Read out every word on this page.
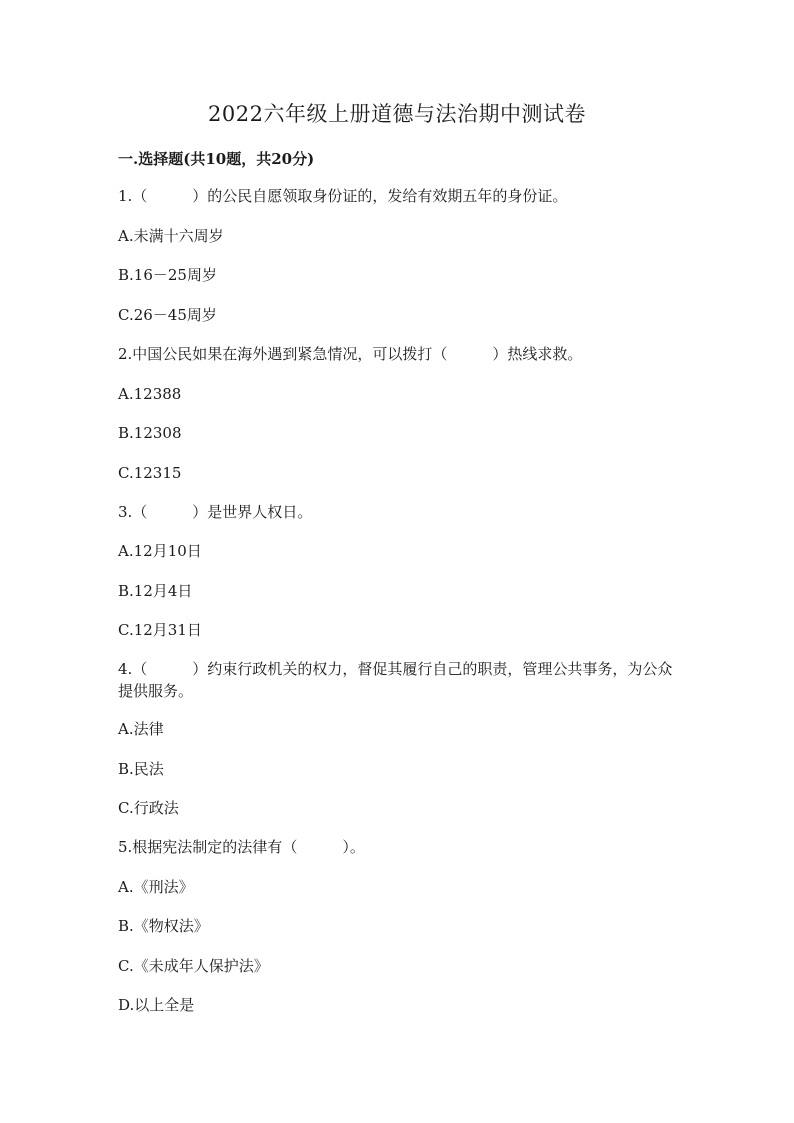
2022六年级上册道德与法治期中测试卷

一.选择题(共10题，共20分)

1.（　　　）的公民自愿领取身份证的，发给有效期五年的身份证。

A.未满十六周岁

B.16－25周岁

C.26－45周岁

2.中国公民如果在海外遇到紧急情况，可以拨打（　　　）热线求救。

A.12388

B.12308

C.12315

3.（　　　）是世界人权日。

A.12月10日

B.12月4日

C.12月31日

4.（　　　）约束行政机关的权力，督促其履行自己的职责，管理公共事务，为公众提供服务。

A.法律

B.民法

C.行政法

5.根据宪法制定的法律有（　　　）。

A.《刑法》

B.《物权法》

C.《未成年人保护法》

D.以上全是
